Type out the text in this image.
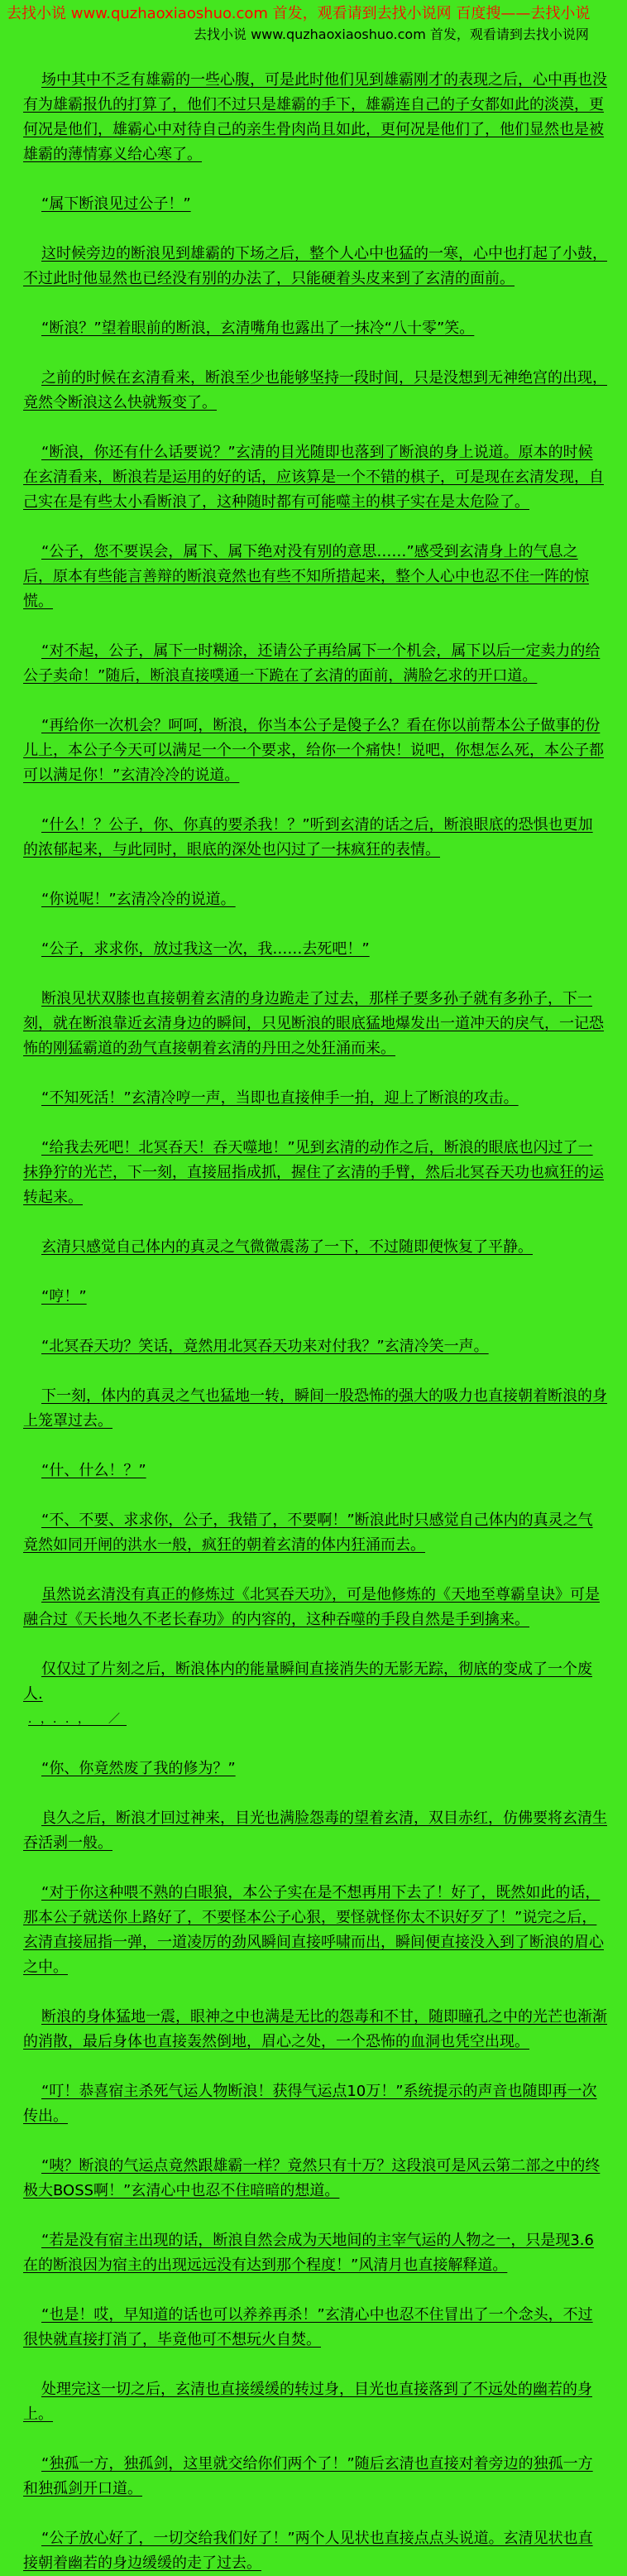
去找小说 www.quzhaoxiaoshuo.com 首发，观看请到去找小说网 百度搜——去找小说
去找小说 www.quzhaoxiaoshuo.com 首发，观看请到去找小说网

场中其中不乏有雄霸的一些心腹，可是此时他们见到雄霸刚才的表现之后，心中再也没有为雄霸报仇的打算了，他们不过只是雄霸的手下，雄霸连自己的子女都如此的淡漠，更何况是他们，雄霸心中对待自己的亲生骨肉尚且如此，更何况是他们了，他们显然也是被雄霸的薄情寡义给心寒了。

“属下断浪见过公子！”

这时候旁边的断浪见到雄霸的下场之后，整个人心中也猛的一寒，心中也打起了小鼓，不过此时他显然也已经没有别的办法了，只能硬着头皮来到了玄清的面前。

“断浪？”望着眼前的断浪，玄清嘴角也露出了一抹冷“八十零”笑。

之前的时候在玄清看来，断浪至少也能够坚持一段时间，只是没想到无神绝宫的出现，竟然令断浪这么快就叛变了。

“断浪，你还有什么话要说？”玄清的目光随即也落到了断浪的身上说道。原本的时候在玄清看来，断浪若是运用的好的话，应该算是一个不错的棋子，可是现在玄清发现，自己实在是有些太小看断浪了，这种随时都有可能噬主的棋子实在是太危险了。

“公子，您不要误会，属下、属下绝对没有别的意思……”感受到玄清身上的气息之后，原本有些能言善辩的断浪竟然也有些不知所措起来，整个人心中也忍不住一阵的惊慌。

“对不起，公子，属下一时糊涂，还请公子再给属下一个机会，属下以后一定卖力的给公子卖命！”随后，断浪直接噗通一下跪在了玄清的面前，满脸乞求的开口道。

“再给你一次机会？呵呵，断浪，你当本公子是傻子么？看在你以前帮本公子做事的份儿上，本公子今天可以满足一个一个要求，给你一个痛快！说吧，你想怎么死，本公子都可以满足你！”玄清冷冷的说道。

“什么！？公子，你、你真的要杀我！？”听到玄清的话之后，断浪眼底的恐惧也更加的浓郁起来，与此同时，眼底的深处也闪过了一抹疯狂的表情。

“你说呢！”玄清冷冷的说道。

“公子，求求你，放过我这一次，我……去死吧！”

断浪见状双膝也直接朝着玄清的身边跪走了过去，那样子要多孙子就有多孙子，下一刻，就在断浪靠近玄清身边的瞬间，只见断浪的眼底猛地爆发出一道冲天的戾气，一记恐怖的刚猛霸道的劲气直接朝着玄清的丹田之处狂涌而来。

“不知死活！”玄清冷哼一声，当即也直接伸手一拍，迎上了断浪的攻击。

“给我去死吧！北冥吞天！吞天噬地！”见到玄清的动作之后，断浪的眼底也闪过了一抹狰狞的光芒，下一刻，直接屈指成抓，握住了玄清的手臂，然后北冥吞天功也疯狂的运转起来。

玄清只感觉自己体内的真灵之气微微震荡了一下，不过随即便恢复了平静。

“哼！”

“北冥吞天功？笑话，竟然用北冥吞天功来对付我？”玄清冷笑一声。

下一刻，体内的真灵之气也猛地一转，瞬间一股恐怖的强大的吸力也直接朝着断浪的身上笼罩过去。

“什、什么！？”

“不、不要、求求你，公子，我错了，不要啊！”断浪此时只感觉自己体内的真灵之气竟然如同开闸的洪水一般，疯狂的朝着玄清的体内狂涌而去。

虽然说玄清没有真正的修炼过《北冥吞天功》，可是他修炼的《天地至尊霸皇诀》可是融合过《天长地久不老长春功》的内容的，这种吞噬的手段自然是手到擒来。

仅仅过了片刻之后，断浪体内的能量瞬间直接消失的无影无踪，彻底的变成了一个废人.

．，．．，　／

“你、你竟然废了我的修为？”

良久之后，断浪才回过神来，目光也满脸怨毒的望着玄清，双目赤红，仿佛要将玄清生吞活剥一般。

“对于你这种喂不熟的白眼狼，本公子实在是不想再用下去了！好了，既然如此的话，那本公子就送你上路好了，不要怪本公子心狠，要怪就怪你太不识好歹了！”说完之后，玄清直接屈指一弹，一道凌厉的劲风瞬间直接呼啸而出，瞬间便直接没入到了断浪的眉心之中。

断浪的身体猛地一震，眼神之中也满是无比的怨毒和不甘，随即瞳孔之中的光芒也渐渐的消散，最后身体也直接轰然倒地，眉心之处，一个恐怖的血洞也凭空出现。

“叮！恭喜宿主杀死气运人物断浪！获得气运点10万！”系统提示的声音也随即再一次传出。

“咦？断浪的气运点竟然跟雄霸一样？竟然只有十万？这段浪可是风云第二部之中的终极大BOSS啊！”玄清心中也忍不住暗暗的想道。

“若是没有宿主出现的话，断浪自然会成为天地间的主宰气运的人物之一，只是现3.6在的断浪因为宿主的出现远远没有达到那个程度！”风清月也直接解释道。

“也是！哎，早知道的话也可以养养再杀！”玄清心中也忍不住冒出了一个念头，不过很快就直接打消了，毕竟他可不想玩火自焚。

处理完这一切之后，玄清也直接缓缓的转过身，目光也直接落到了不远处的幽若的身上。

“独孤一方，独孤剑，这里就交给你们两个了！”随后玄清也直接对着旁边的独孤一方和独孤剑开口道。

“公子放心好了，一切交给我们好了！”两个人见状也直接点点头说道。玄清见状也直接朝着幽若的身边缓缓的走了过去。
